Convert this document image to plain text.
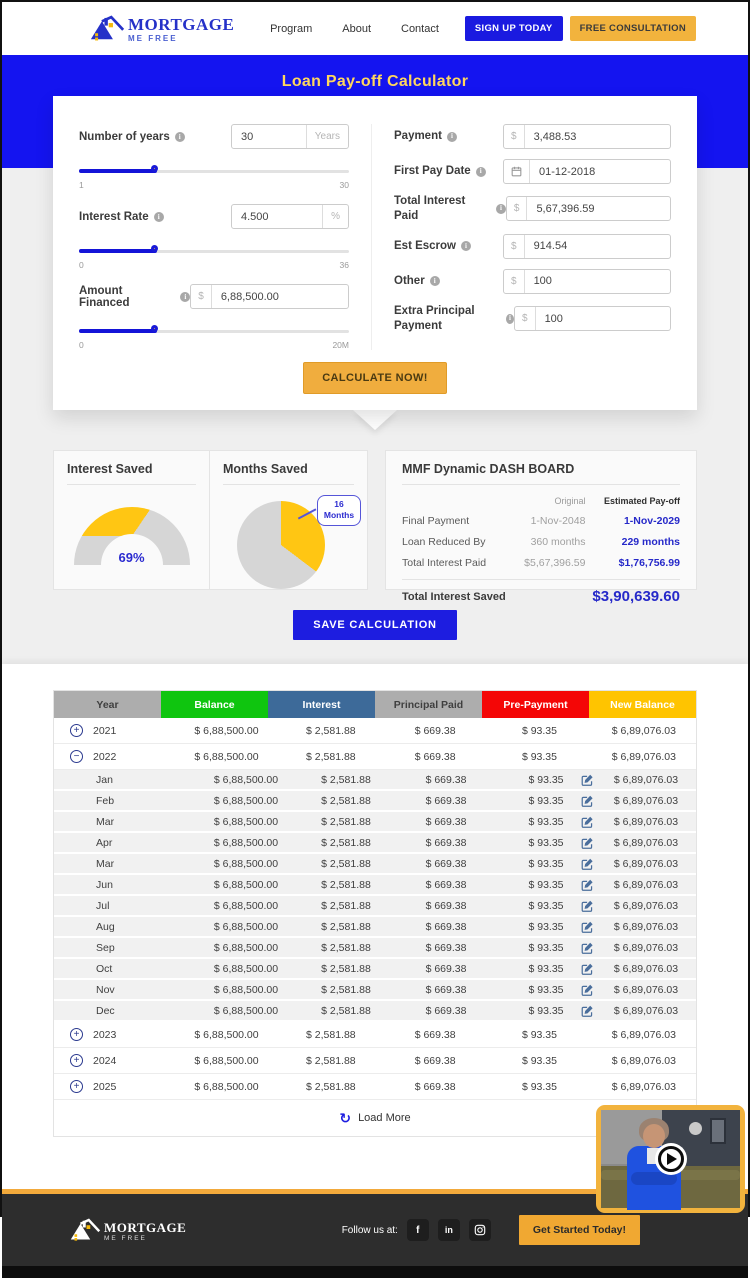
MORTGAGE
ME FREE
Program	About	Contact	SIGN UP TODAY	FREE CONSULTATION
Loan Pay-off Calculator
Number of years	i	30	Years
1	30
Interest Rate	i	4.500	%
0	36
Amount Financed	i	$	6,88,500.00
0	20M
Payment	i	$	3,488.53
First Pay Date	i	01-12-2018
Total Interest Paid
i	$	5,67,396.59
Est Escrow	i	$	914.54
Other	i	$	100
Extra Principal Payment
i	$	100
CALCULATE NOW!
Interest Saved
69%
Months Saved
16 Months
MMF Dynamic DASH BOARD
Original	Estimated Pay-off
Final Payment	1-Nov-2048	1-Nov-2029
Loan Reduced By	360 months	229 months
Total Interest Paid	$5,67,396.59	$1,76,756.99
Total Interest Saved	$3,90,639.60
SAVE CALCULATION
Year	Balance	Interest	Principal Paid	Pre-Payment	New Balance
+	2021	$ 6,88,500.00	$ 2,581.88	$ 669.38	$ 93.35	$ 6,89,076.03
−	2022	$ 6,88,500.00	$ 2,581.88	$ 669.38	$ 93.35	$ 6,89,076.03
Jan	$ 6,88,500.00	$ 2,581.88	$ 669.38	$ 93.35	$ 6,89,076.03
Feb	$ 6,88,500.00	$ 2,581.88	$ 669.38	$ 93.35	$ 6,89,076.03
Mar	$ 6,88,500.00	$ 2,581.88	$ 669.38	$ 93.35	$ 6,89,076.03
Apr	$ 6,88,500.00	$ 2,581.88	$ 669.38	$ 93.35	$ 6,89,076.03
Mar	$ 6,88,500.00	$ 2,581.88	$ 669.38	$ 93.35	$ 6,89,076.03
Jun	$ 6,88,500.00	$ 2,581.88	$ 669.38	$ 93.35	$ 6,89,076.03
Jul	$ 6,88,500.00	$ 2,581.88	$ 669.38	$ 93.35	$ 6,89,076.03
Aug	$ 6,88,500.00	$ 2,581.88	$ 669.38	$ 93.35	$ 6,89,076.03
Sep	$ 6,88,500.00	$ 2,581.88	$ 669.38	$ 93.35	$ 6,89,076.03
Oct	$ 6,88,500.00	$ 2,581.88	$ 669.38	$ 93.35	$ 6,89,076.03
Nov	$ 6,88,500.00	$ 2,581.88	$ 669.38	$ 93.35	$ 6,89,076.03
Dec	$ 6,88,500.00	$ 2,581.88	$ 669.38	$ 93.35	$ 6,89,076.03
+	2023	$ 6,88,500.00	$ 2,581.88	$ 669.38	$ 93.35	$ 6,89,076.03
+	2024	$ 6,88,500.00	$ 2,581.88	$ 669.38	$ 93.35	$ 6,89,076.03
+	2025	$ 6,88,500.00	$ 2,581.88	$ 669.38	$ 93.35	$ 6,89,076.03
↻ Load More
MORTGAGE
ME FREE
Follow us at:	f	in	Get Started Today!
